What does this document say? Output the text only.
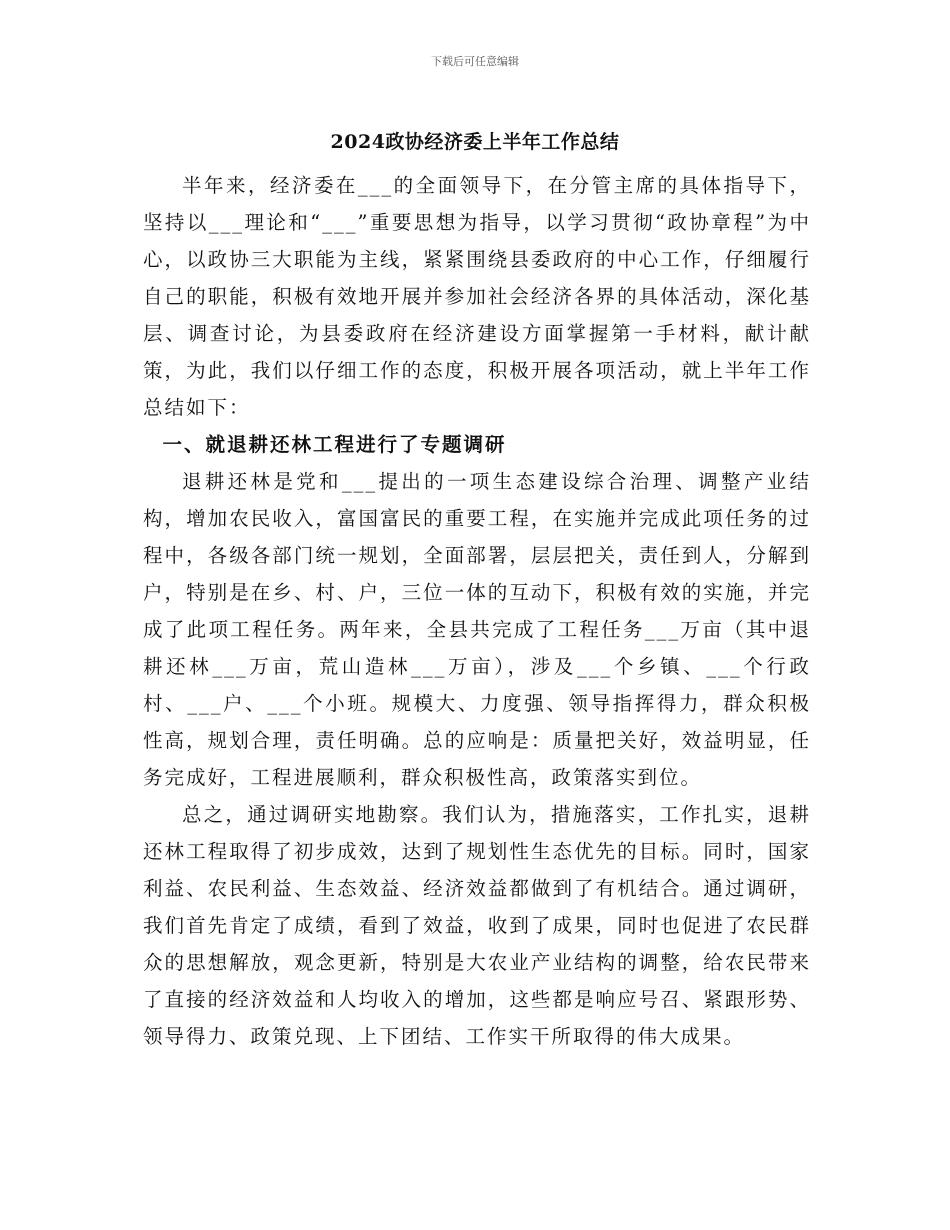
下载后可任意编辑
2024政协经济委上半年工作总结

半年来，经济委在___的全面领导下，在分管主席的具体指导下，坚持以___理论和“___”重要思想为指导，以学习贯彻“政协章程”为中心，以政协三大职能为主线，紧紧围绕县委政府的中心工作，仔细履行自己的职能，积极有效地开展并参加社会经济各界的具体活动，深化基层、调查讨论，为县委政府在经济建设方面掌握第一手材料，献计献策，为此，我们以仔细工作的态度，积极开展各项活动，就上半年工作总结如下：

一、就退耕还林工程进行了专题调研

退耕还林是党和___提出的一项生态建设综合治理、调整产业结构，增加农民收入，富国富民的重要工程，在实施并完成此项任务的过程中，各级各部门统一规划，全面部署，层层把关，责任到人，分解到户，特别是在乡、村、户，三位一体的互动下，积极有效的实施，并完成了此项工程任务。两年来，全县共完成了工程任务___万亩（其中退耕还林___万亩，荒山造林___万亩），涉及___个乡镇、___个行政村、___户、___个小班。规模大、力度强、领导指挥得力，群众积极性高，规划合理，责任明确。总的应响是：质量把关好，效益明显，任务完成好，工程进展顺利，群众积极性高，政策落实到位。

总之，通过调研实地勘察。我们认为，措施落实，工作扎实，退耕还林工程取得了初步成效，达到了规划性生态优先的目标。同时，国家利益、农民利益、生态效益、经济效益都做到了有机结合。通过调研，我们首先肯定了成绩，看到了效益，收到了成果，同时也促进了农民群众的思想解放，观念更新，特别是大农业产业结构的调整，给农民带来了直接的经济效益和人均收入的增加，这些都是响应号召、紧跟形势、领导得力、政策兑现、上下团结、工作实干所取得的伟大成果。
